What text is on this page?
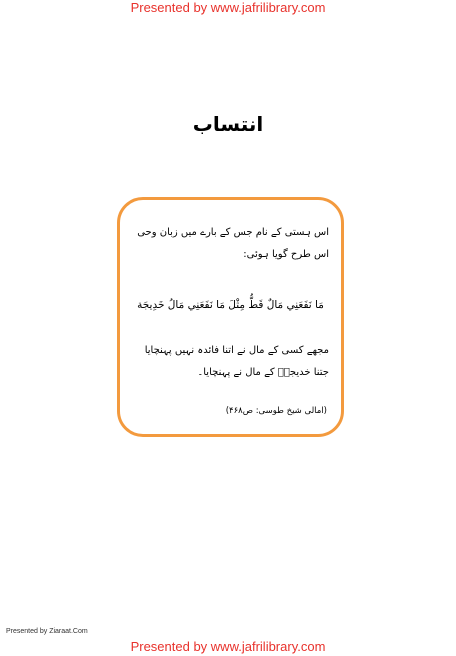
Presented by www.jafrilibrary.com
انتساب
اس ہستی کے نام جس کے بارے میں زبان وحی اس طرح گویا ہوئی:
مَا نَفَعَنِي مَالٌ قَطُّ مِثْلَ مَا نَفَعَنِي مَالُ خَدِيجَة
مجھے کسی کے مال نے اتنا فائدہ نہیں پہنچایا جتنا خدیجہؑ کے مال نے پہنچایا۔
(امالی شیخ طوسی: ص۴۶۸)
Presented by Ziaraat.Com
Presented by www.jafrilibrary.com
